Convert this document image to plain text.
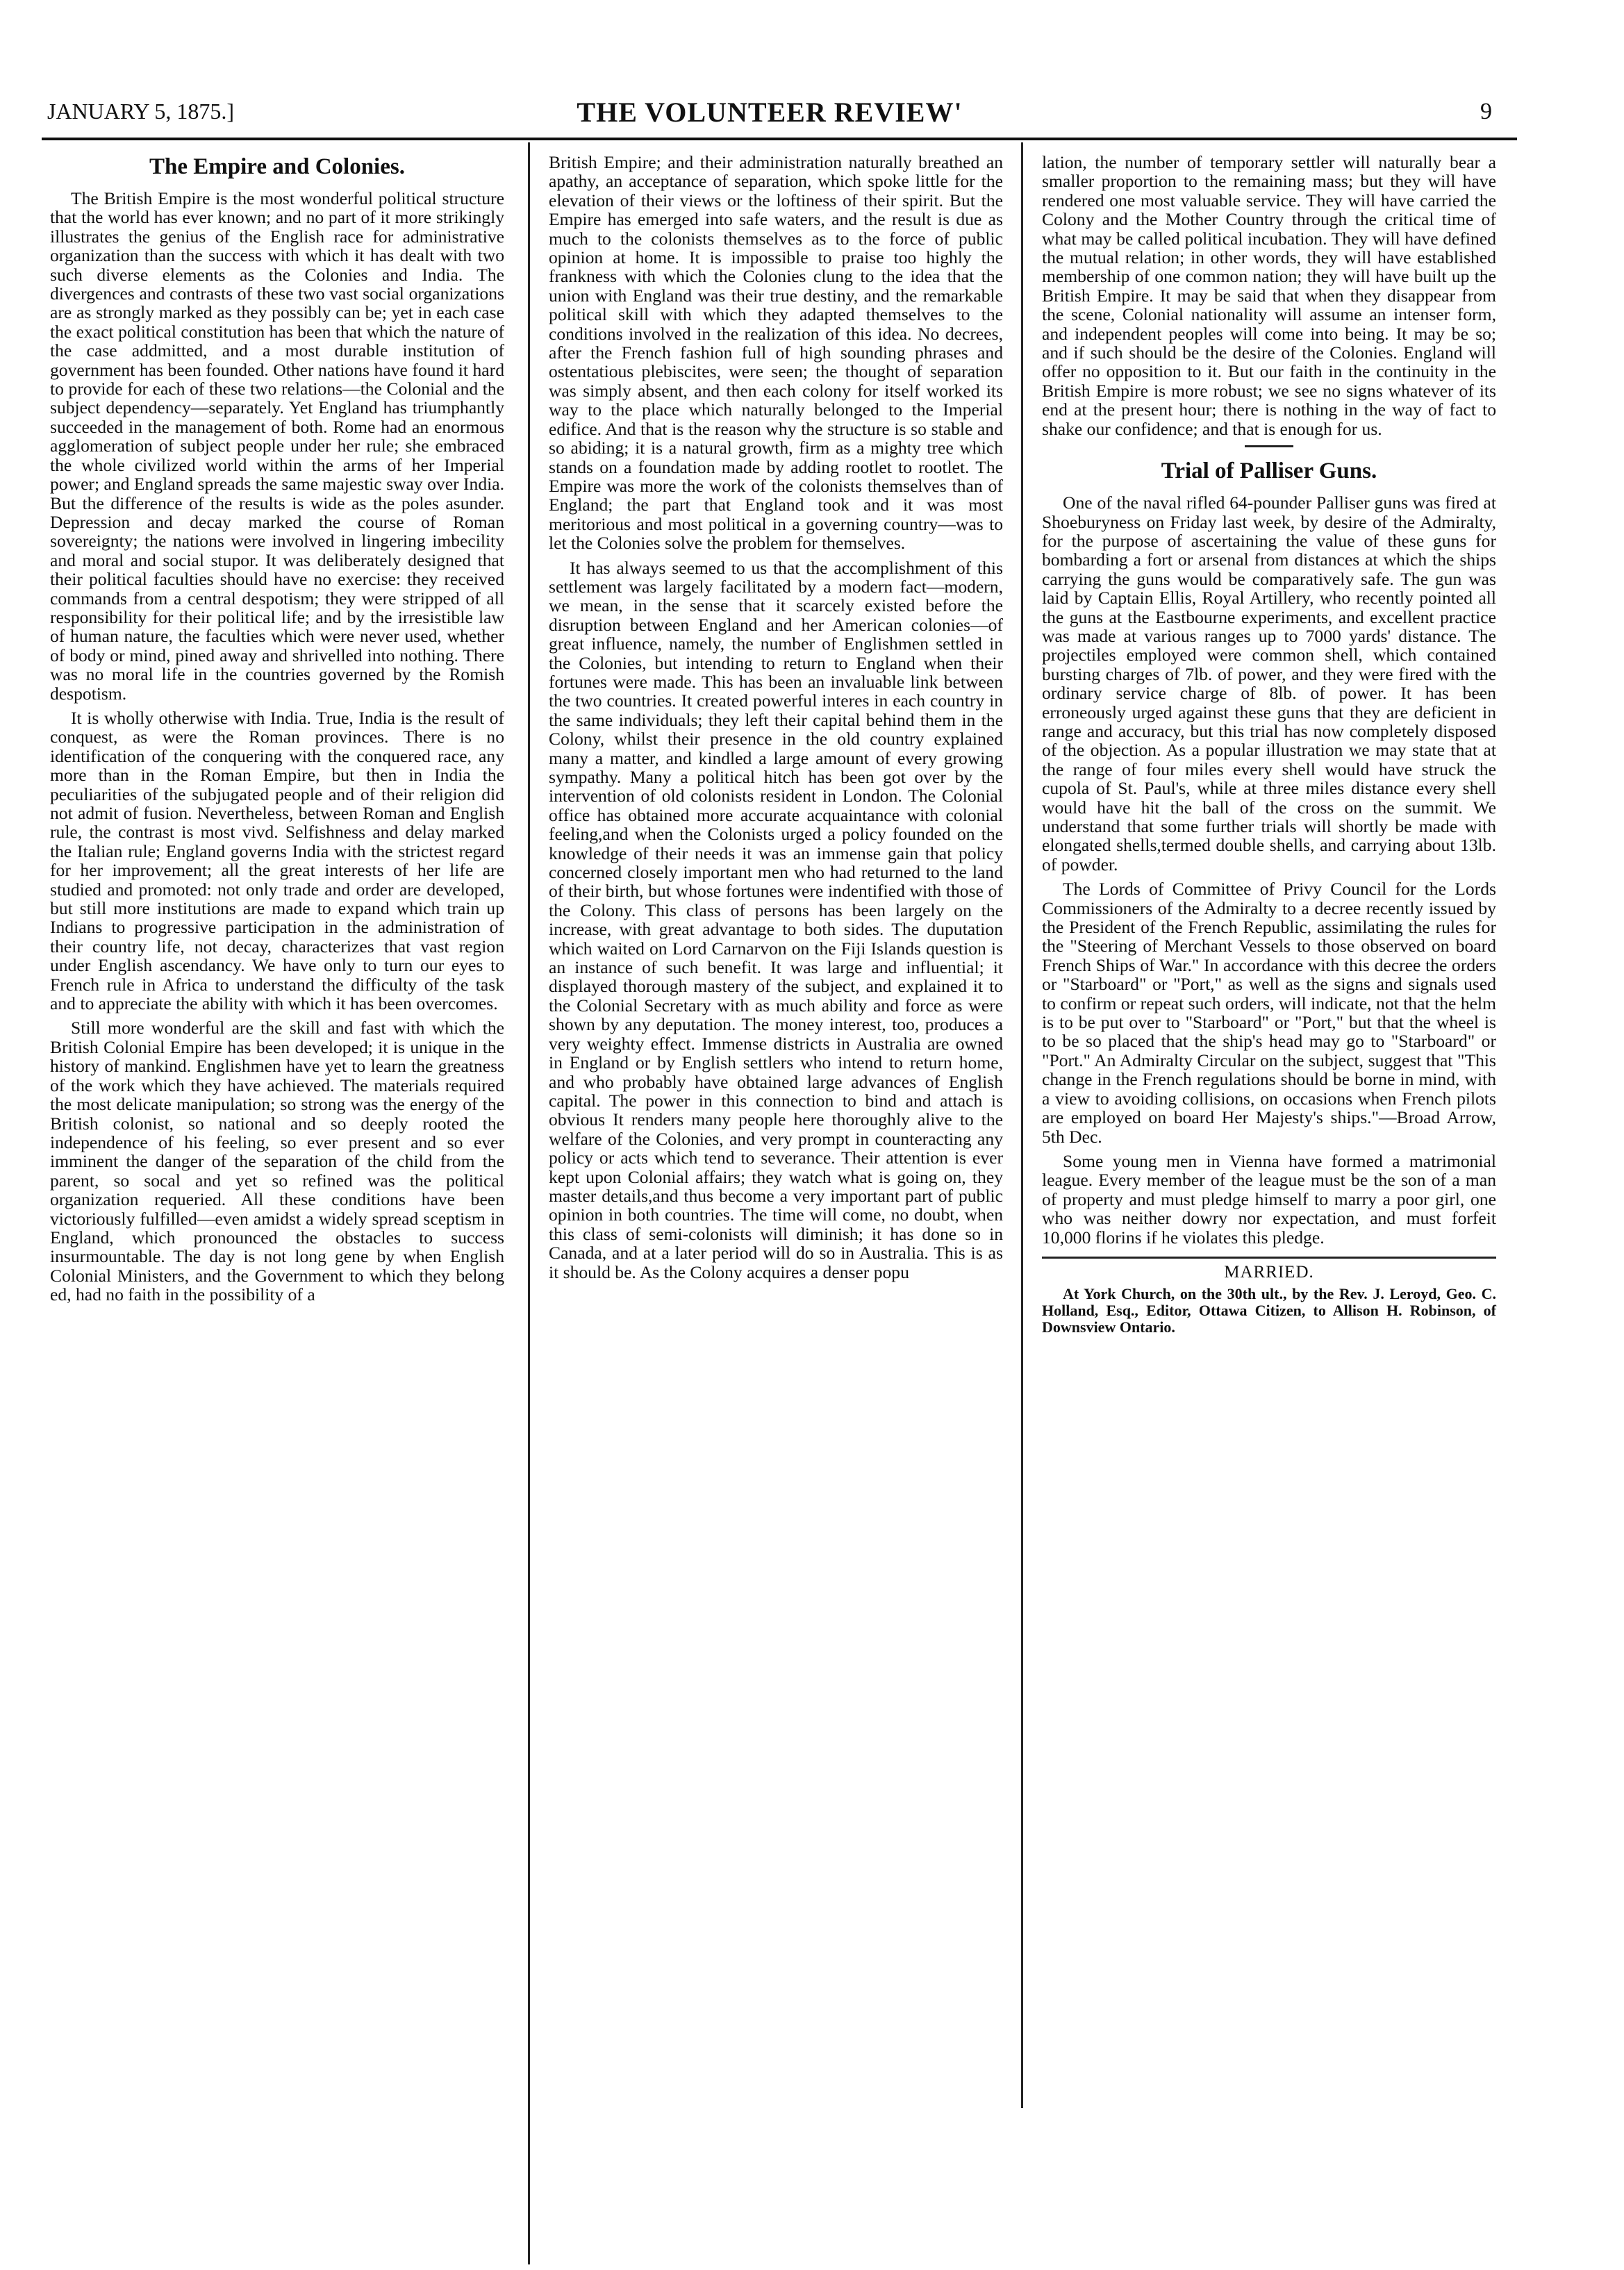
JANUARY 5, 1875.]	THE VOLUNTEER REVIEW'	9
The Empire and Colonies.

The British Empire is the most wonderful political structure that the world has ever known; and no part of it more strikingly illustrates the genius of the English race for administrative organization than the success with which it has dealt with two such diverse elements as the Colonies and India. The divergences and contrasts of these two vast social organizations are as strongly marked as they possibly can be; yet in each case the exact political constitution has been that which the nature of the case addmitted, and a most durable institution of government has been founded. Other nations have found it hard to provide for each of these two relations—the Colonial and the subject dependency—separately. Yet England has triumphantly succeeded in the management of both. Rome had an enormous agglomeration of subject people under her rule; she embraced the whole civilized world within the arms of her Imperial power; and England spreads the same majestic sway over India. But the difference of the results is wide as the poles asunder. Depression and decay marked the course of Roman sovereignty; the nations were involved in lingering imbecility and moral and social stupor. It was deliberately designed that their political faculties should have no exercise: they received commands from a central despotism; they were stripped of all responsibility for their political life; and by the irresistible law of human nature, the faculties which were never used, whether of body or mind, pined away and shrivelled into nothing. There was no moral life in the countries governed by the Romish despotism.

It is wholly otherwise with India. True, India is the result of conquest, as were the Roman provinces. There is no identification of the conquering with the conquered race, any more than in the Roman Empire, but then in India the peculiarities of the subjugated people and of their religion did not admit of fusion. Nevertheless, between Roman and English rule, the contrast is most vivd. Selfishness and delay marked the Italian rule; England governs India with the strictest regard for her improvement; all the great interests of her life are studied and promoted: not only trade and order are developed, but still more institutions are made to expand which train up Indians to progressive participation in the administration of their country life, not decay, characterizes that vast region under English ascendancy. We have only to turn our eyes to French rule in Africa to understand the difficulty of the task and to appreciate the ability with which it has been overcomes.

Still more wonderful are the skill and fast with which the British Colonial Empire has been developed; it is unique in the history of mankind. Englishmen have yet to learn the greatness of the work which they have achieved. The materials required the most delicate manipulation; so strong was the energy of the British colonist, so national and so deeply rooted the independence of his feeling, so ever present and so ever imminent the danger of the separation of the child from the parent, so socal and yet so refined was the political organization requeried. All these conditions have been victoriously fulfilled—even amidst a widely spread sceptism in England, which pronounced the obstacles to success insurmountable. The day is not long gene by when English Colonial Ministers, and the Government to which they belong ed, had no faith in the possibility of a

British Empire; and their administration naturally breathed an apathy, an acceptance of separation, which spoke little for the elevation of their views or the loftiness of their spirit. But the Empire has emerged into safe waters, and the result is due as much to the colonists themselves as to the force of public opinion at home. It is impossible to praise too highly the frankness with which the Colonies clung to the idea that the union with England was their true destiny, and the remarkable political skill with which they adapted themselves to the conditions involved in the realization of this idea. No decrees, after the French fashion full of high sounding phrases and ostentatious plebiscites, were seen; the thought of separation was simply absent, and then each colony for itself worked its way to the place which naturally belonged to the Imperial edifice. And that is the reason why the structure is so stable and so abiding; it is a natural growth, firm as a mighty tree which stands on a foundation made by adding rootlet to rootlet. The Empire was more the work of the colonists themselves than of England; the part that England took and it was most meritorious and most political in a governing country—was to let the Colonies solve the problem for themselves.

It has always seemed to us that the accomplishment of this settlement was largely facilitated by a modern fact—modern, we mean, in the sense that it scarcely existed before the disruption between England and her American colonies—of great influence, namely, the number of Englishmen settled in the Colonies, but intending to return to England when their fortunes were made. This has been an invaluable link between the two countries. It created powerful interes in each country in the same individuals; they left their capital behind them in the Colony, whilst their presence in the old country explained many a matter, and kindled a large amount of every growing sympathy. Many a political hitch has been got over by the intervention of old colonists resident in London. The Colonial office has obtained more accurate acquaintance with colonial feeling,and when the Colonists urged a policy founded on the knowledge of their needs it was an immense gain that policy concerned closely important men who had returned to the land of their birth, but whose fortunes were indentified with those of the Colony. This class of persons has been largely on the increase, with great advantage to both sides. The duputation which waited on Lord Carnarvon on the Fiji Islands question is an instance of such benefit. It was large and influential; it displayed thorough mastery of the subject, and explained it to the Colonial Secretary with as much ability and force as were shown by any deputation. The money interest, too, produces a very weighty effect. Immense districts in Australia are owned in England or by English settlers who intend to return home, and who probably have obtained large advances of English capital. The power in this connection to bind and attach is obvious It renders many people here thoroughly alive to the welfare of the Colonies, and very prompt in counteracting any policy or acts which tend to severance. Their attention is ever kept upon Colonial affairs; they watch what is going on, they master details,and thus become a very important part of public opinion in both countries. The time will come, no doubt, when this class of semi-colonists will diminish; it has done so in Canada, and at a later period will do so in Australia. This is as it should be. As the Colony acquires a denser popu

lation, the number of temporary settler will naturally bear a smaller proportion to the remaining mass; but they will have rendered one most valuable service. They will have carried the Colony and the Mother Country through the critical time of what may be called political incubation. They will have defined the mutual relation; in other words, they will have established membership of one common nation; they will have built up the British Empire. It may be said that when they disappear from the scene, Colonial nationality will assume an intenser form, and independent peoples will come into being. It may be so; and if such should be the desire of the Colonies. England will offer no opposition to it. But our faith in the continuity in the British Empire is more robust; we see no signs whatever of its end at the present hour; there is nothing in the way of fact to shake our confidence; and that is enough for us.

Trial of Palliser Guns.

One of the naval rifled 64-pounder Palliser guns was fired at Shoeburyness on Friday last week, by desire of the Admiralty, for the purpose of ascertaining the value of these guns for bombarding a fort or arsenal from distances at which the ships carrying the guns would be comparatively safe. The gun was laid by Captain Ellis, Royal Artillery, who recently pointed all the guns at the Eastbourne experiments, and excellent practice was made at various ranges up to 7000 yards' distance. The projectiles employed were common shell, which contained bursting charges of 7lb. of power, and they were fired with the ordinary service charge of 8lb. of power. It has been erroneously urged against these guns that they are deficient in range and accuracy, but this trial has now completely disposed of the objection. As a popular illustration we may state that at the range of four miles every shell would have struck the cupola of St. Paul's, while at three miles distance every shell would have hit the ball of the cross on the summit. We understand that some further trials will shortly be made with elongated shells,termed double shells, and carrying about 13lb. of powder.

The Lords of Committee of Privy Council for the Lords Commissioners of the Admiralty to a decree recently issued by the President of the French Republic, assimilating the rules for the "Steering of Merchant Vessels to those observed on board French Ships of War." In accordance with this decree the orders or "Starboard" or "Port," as well as the signs and signals used to confirm or repeat such orders, will indicate, not that the helm is to be put over to "Starboard" or "Port," but that the wheel is to be so placed that the ship's head may go to "Starboard" or "Port." An Admiralty Circular on the subject, suggest that "This change in the French regulations should be borne in mind, with a view to avoiding collisions, on occasions when French pilots are employed on board Her Majesty's ships."—Broad Arrow, 5th Dec.

Some young men in Vienna have formed a matrimonial league. Every member of the league must be the son of a man of property and must pledge himself to marry a poor girl, one who was neither dowry nor expectation, and must forfeit 10,000 florins if he violates this pledge.

MARRIED.

At York Church, on the 30th ult., by the Rev. J. Leroyd, Geo. C. Holland, Esq., Editor, Ottawa Citizen, to Allison H. Robinson, of Downsview Ontario.
